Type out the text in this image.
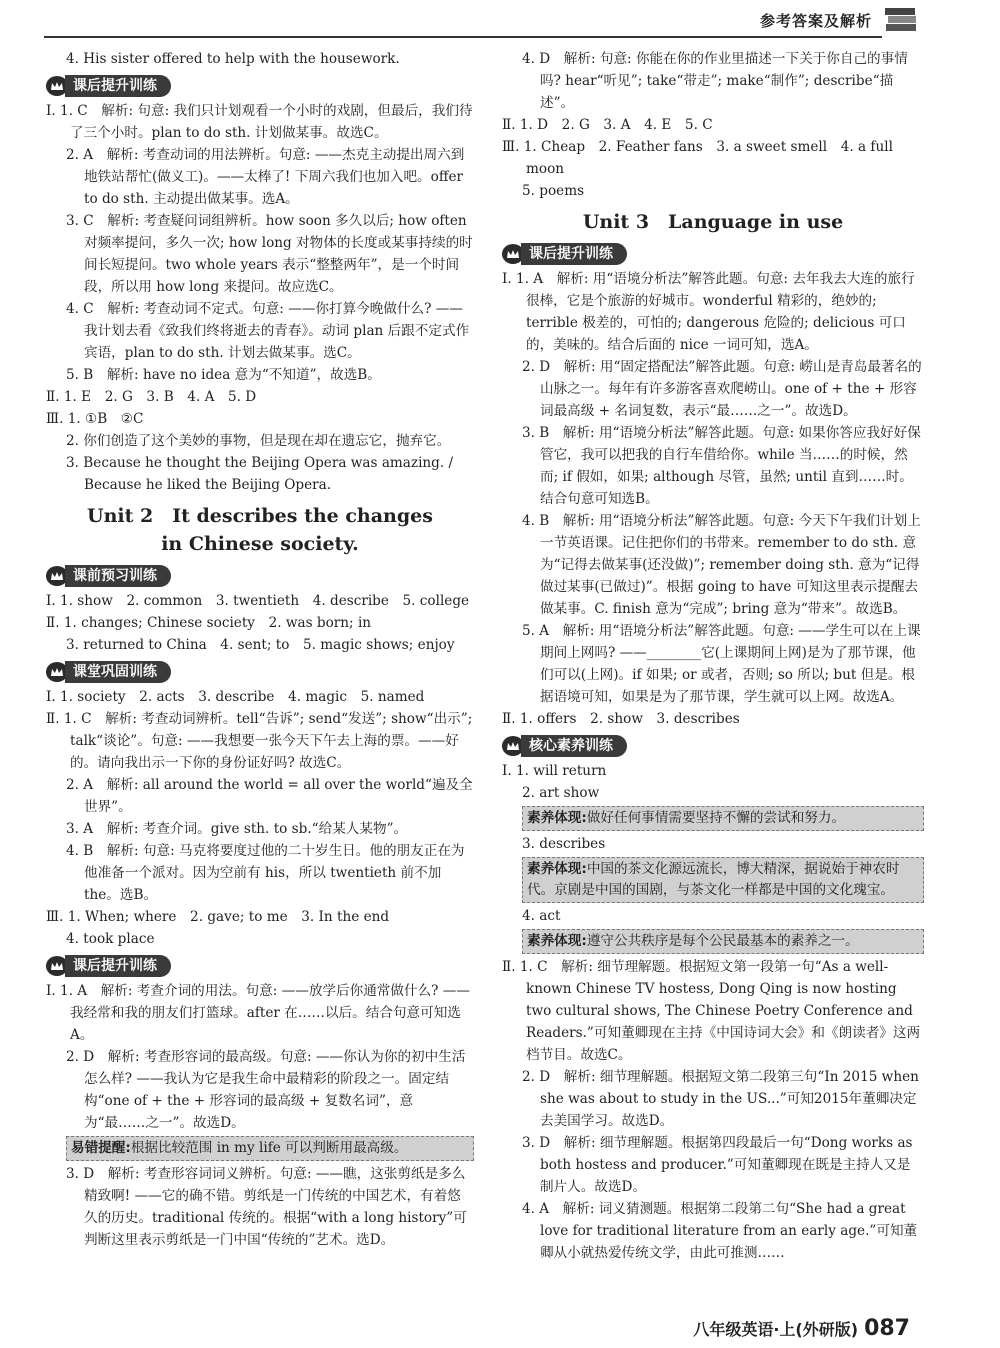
参考答案及解析

4. His sister offered to help with the housework.

课后提升训练

Ⅰ. 1. C　解析: 句意: 我们只计划观看一个小时的戏剧，但最后，我们待了三个小时。plan to do sth. 计划做某事。故选C。

2. A　解析: 考查动词的用法辨析。句意: ——杰克主动提出周六到地铁站帮忙(做义工)。——太棒了! 下周六我们也加入吧。offer to do sth. 主动提出做某事。选A。

3. C　解析: 考查疑问词组辨析。how soon 多久以后; how often 对频率提问，多久一次; how long 对物体的长度或某事持续的时间长短提问。two whole years 表示“整整两年”，是一个时间段，所以用 how long 来提问。故应选C。

4. C　解析: 考查动词不定式。句意: ——你打算今晚做什么? ——我计划去看《致我们终将逝去的青春》。动词 plan 后跟不定式作宾语，plan to do sth. 计划去做某事。选C。

5. B　解析: have no idea 意为“不知道”，故选B。

Ⅱ. 1. E　2. G　3. B　4. A　5. D

Ⅲ. 1. ①B　②C

2. 你们创造了这个美妙的事物，但是现在却在遗忘它，抛弃它。

3. Because he thought the Beijing Opera was amazing. / Because he liked the Beijing Opera.

Unit 2　It describes the changes
in Chinese society.
课前预习训练

Ⅰ. 1. show　2. common　3. twentieth　4. describe　5. college

Ⅱ. 1. changes; Chinese society　2. was born; in

3. returned to China　4. sent; to　5. magic shows; enjoy

课堂巩固训练

Ⅰ. 1. society　2. acts　3. describe　4. magic　5. named

Ⅱ. 1. C　解析: 考查动词辨析。tell“告诉”; send“发送”; show“出示”; talk“谈论”。句意: ——我想要一张今天下午去上海的票。——好的。请向我出示一下你的身份证好吗? 故选C。

2. A　解析: all around the world = all over the world“遍及全世界”。

3. A　解析: 考查介词。give sth. to sb.“给某人某物”。

4. B　解析: 句意: 马克将要度过他的二十岁生日。他的朋友正在为他准备一个派对。因为空前有 his，所以 twentieth 前不加 the。选B。

Ⅲ. 1. When; where　2. gave; to me　3. In the end

4. took place

课后提升训练

Ⅰ. 1. A　解析: 考查介词的用法。句意: ——放学后你通常做什么? ——我经常和我的朋友们打篮球。after 在……以后。结合句意可知选A。

2. D　解析: 考查形容词的最高级。句意: ——你认为你的初中生活怎么样? ——我认为它是我生命中最精彩的阶段之一。固定结构“one of + the + 形容词的最高级 + 复数名词”，意为“最……之一”。故选D。

易错提醒:根据比较范围 in my life 可以判断用最高级。

3. D　解析: 考查形容词词义辨析。句意: ——瞧，这张剪纸是多么精致啊! ——它的确不错。剪纸是一门传统的中国艺术，有着悠久的历史。traditional 传统的。根据“with a long history”可判断这里表示剪纸是一门中国“传统的”艺术。选D。

4. D　解析: 句意: 你能在你的作业里描述一下关于你自己的事情吗? hear“听见”; take“带走”; make“制作”; describe“描述”。

Ⅱ. 1. D　2. G　3. A　4. E　5. C

Ⅲ. 1. Cheap　2. Feather fans　3. a sweet smell　4. a full moon

5. poems

Unit 3　Language in use
课后提升训练

Ⅰ. 1. A　解析: 用“语境分析法”解答此题。句意: 去年我去大连的旅行很棒，它是个旅游的好城市。wonderful 精彩的，绝妙的; terrible 极差的，可怕的; dangerous 危险的; delicious 可口的，美味的。结合后面的 nice 一词可知，选A。

2. D　解析: 用“固定搭配法”解答此题。句意: 崂山是青岛最著名的山脉之一。每年有许多游客喜欢爬崂山。one of + the + 形容词最高级 + 名词复数，表示“最……之一”。故选D。

3. B　解析: 用“语境分析法”解答此题。句意: 如果你答应我好好保管它，我可以把我的自行车借给你。while 当……的时候，然而; if 假如，如果; although 尽管，虽然; until 直到……时。结合句意可知选B。

4. B　解析: 用“语境分析法”解答此题。句意: 今天下午我们计划上一节英语课。记住把你们的书带来。remember to do sth. 意为“记得去做某事(还没做)”; remember doing sth. 意为“记得做过某事(已做过)”。根据 going to have 可知这里表示提醒去做某事。C. finish 意为“完成”; bring 意为“带来”。故选B。

5. A　解析: 用“语境分析法”解答此题。句意: ——学生可以在上课期间上网吗? ——________它(上课期间上网)是为了那节课，他们可以(上网)。if 如果; or 或者，否则; so 所以; but 但是。根据语境可知，如果是为了那节课，学生就可以上网。故选A。

Ⅱ. 1. offers　2. show　3. describes

核心素养训练

Ⅰ. 1. will return

2. art show

素养体现:做好任何事情需要坚持不懈的尝试和努力。

3. describes

素养体现:中国的茶文化源远流长，博大精深，据说始于神农时代。京剧是中国的国剧，与茶文化一样都是中国的文化瑰宝。

4. act

素养体现:遵守公共秩序是每个公民最基本的素养之一。

Ⅱ. 1. C　解析: 细节理解题。根据短文第一段第一句“As a well-known Chinese TV hostess, Dong Qing is now hosting two cultural shows, The Chinese Poetry Conference and Readers.”可知董卿现在主持《中国诗词大会》和《朗读者》这两档节目。故选C。

2. D　解析: 细节理解题。根据短文第二段第三句“In 2015 when she was about to study in the US...”可知2015年董卿决定去美国学习。故选D。

3. D　解析: 细节理解题。根据第四段最后一句“Dong works as both hostess and producer.”可知董卿现在既是主持人又是制片人。故选D。

4. A　解析: 词义猜测题。根据第二段第二句“She had a great love for traditional literature from an early age.”可知董卿从小就热爱传统文学，由此可推测……

八年级英语·上(外研版) 087
